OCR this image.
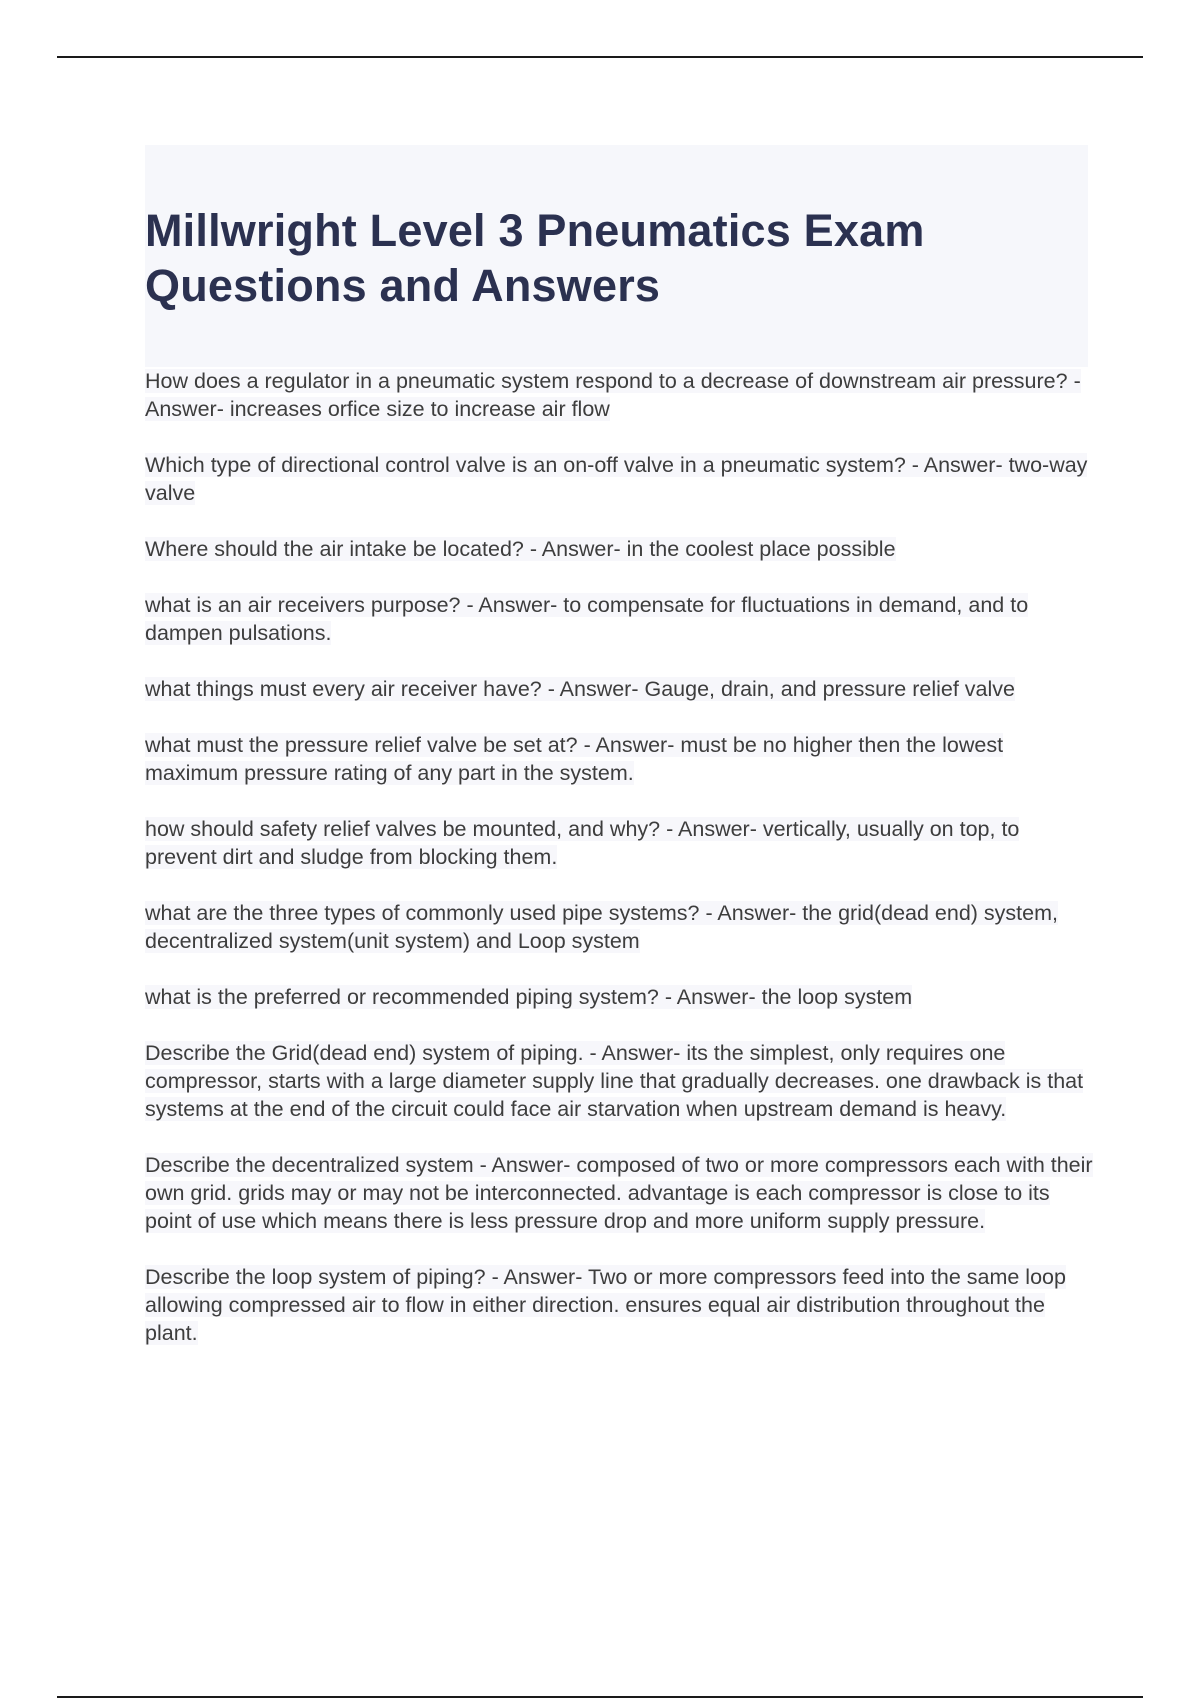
Millwright Level 3 Pneumatics Exam Questions and Answers
How does a regulator in a pneumatic system respond to a decrease of downstream air pressure? - Answer- increases orfice size to increase air flow
Which type of directional control valve is an on-off valve in a pneumatic system? - Answer- two-way valve
Where should the air intake be located? - Answer- in the coolest place possible
what is an air receivers purpose? - Answer- to compensate for fluctuations in demand, and to dampen pulsations.
what things must every air receiver have? - Answer- Gauge, drain, and pressure relief valve
what must the pressure relief valve be set at? - Answer- must be no higher then the lowest maximum pressure rating of any part in the system.
how should safety relief valves be mounted, and why? - Answer- vertically, usually on top, to prevent dirt and sludge from blocking them.
what are the three types of commonly used pipe systems? - Answer- the grid(dead end) system, decentralized system(unit system) and Loop system
what is the preferred or recommended piping system? - Answer- the loop system
Describe the Grid(dead end) system of piping. - Answer- its the simplest, only requires one compressor, starts with a large diameter supply line that gradually decreases. one drawback is that systems at the end of the circuit could face air starvation when upstream demand is heavy.
Describe the decentralized system - Answer- composed of two or more compressors each with their own grid. grids may or may not be interconnected. advantage is each compressor is close to its point of use which means there is less pressure drop and more uniform supply pressure.
Describe the loop system of piping? - Answer- Two or more compressors feed into the same loop allowing compressed air to flow in either direction. ensures equal air distribution throughout the plant.
